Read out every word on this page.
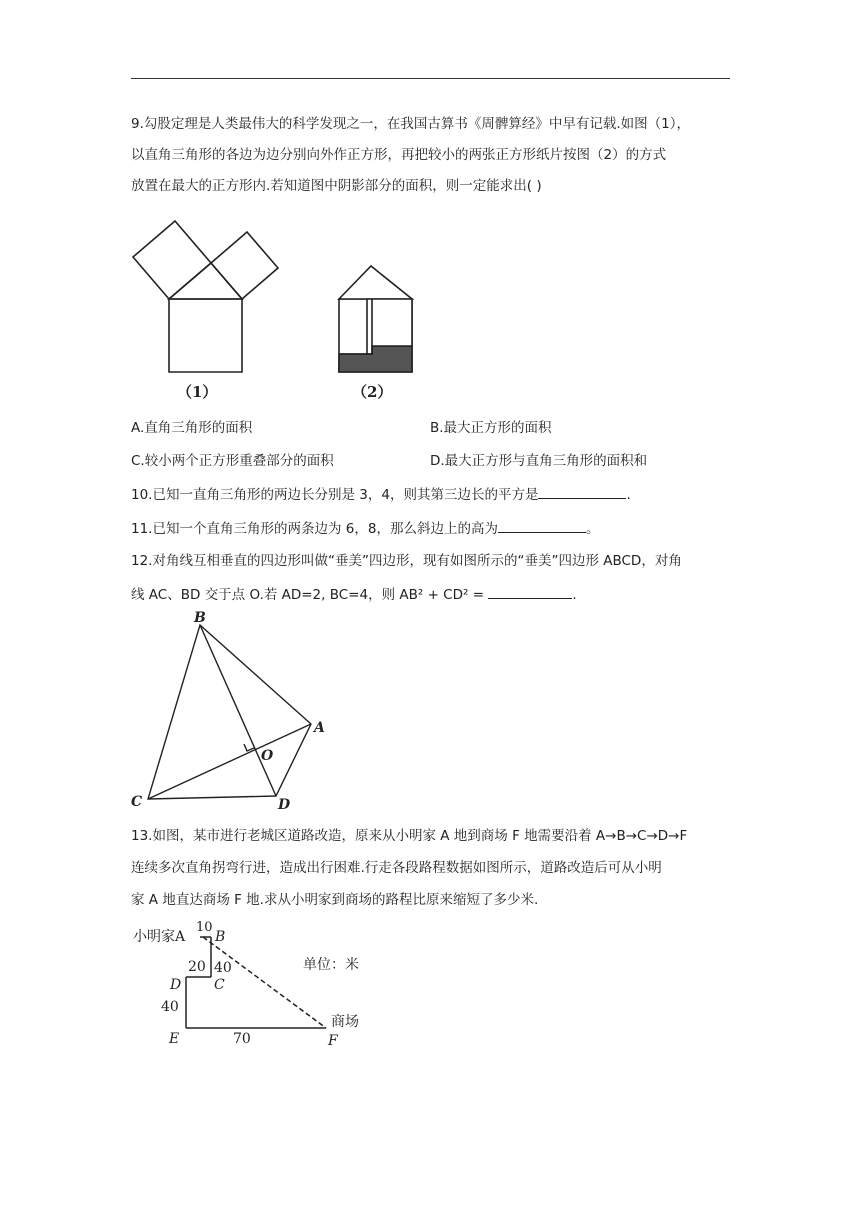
9.勾股定理是人类最伟大的科学发现之一，在我国古算书《周髀算经》中早有记载.如图（1），
以直角三角形的各边为边分别向外作正方形，再把较小的两张正方形纸片按图（2）的方式
放置在最大的正方形内.若知道图中阴影部分的面积，则一定能求出( )
（1）	（2）
A.直角三角形的面积	B.最大正方形的面积
C.较小两个正方形重叠部分的面积	D.最大正方形与直角三角形的面积和
10.已知一直角三角形的两边长分别是 3，4，则其第三边长的平方是	.
11.已知一个直角三角形的两条边为 6，8，那么斜边上的高为	。
12.对角线互相垂直的四边形叫做“垂美”四边形，现有如图所示的“垂美”四边形 ABCD，对角
线 AC、BD 交于点 O.若 AD=2, BC=4，则 AB² + CD² =	.
B
A
O
C	D
13.如图，某市进行老城区道路改造，原来从小明家 A 地到商场 F 地需要沿着 A→B→C→D→F
连续多次直角拐弯行进，造成出行困难.行走各段路程数据如图所示，道路改造后可从小明
家 A 地直达商场 F 地.求从小明家到商场的路程比原来缩短了多少米.
小明家A
10
B
20 40
D C
单位：米
40
E	70
商场
F
